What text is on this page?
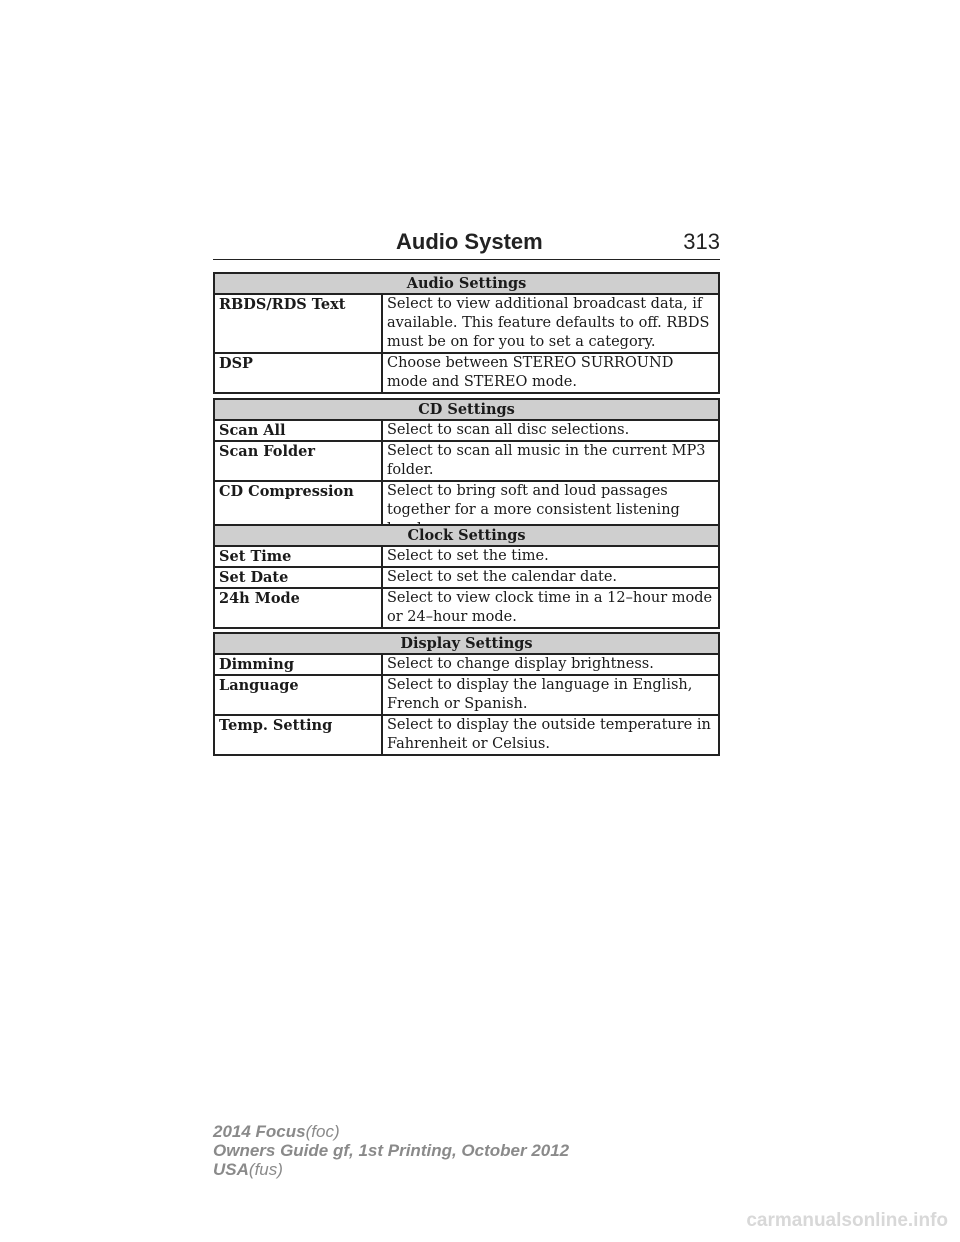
Audio System	313
Audio Settings	
RBDS/RDS Text	Select to view additional broadcast data, if available. This feature defaults to off. RBDS must be on for you to set a category.
DSP	Choose between STEREO SURROUND mode and STEREO mode.
CD Settings	
Scan All	Select to scan all disc selections.
Scan Folder	Select to scan all music in the current MP3 folder.
CD Compression	Select to bring soft and loud passages together for a more consistent listening
Clock Settings	
Set Time	Select to set the time.
Set Date	Select to set the calendar date.
24h Mode	Select to view clock time in a 12–hour mode or 24–hour mode.
Display Settings	
Dimming	Select to change display brightness.
Language	Select to display the language in English, French or Spanish.
Temp. Setting	Select to display the outside temperature in Fahrenheit or Celsius.
2014 Focus(foc)
Owners Guide gf, 1st Printing, October 2012
USA(fus)
carmanualsonline.info
